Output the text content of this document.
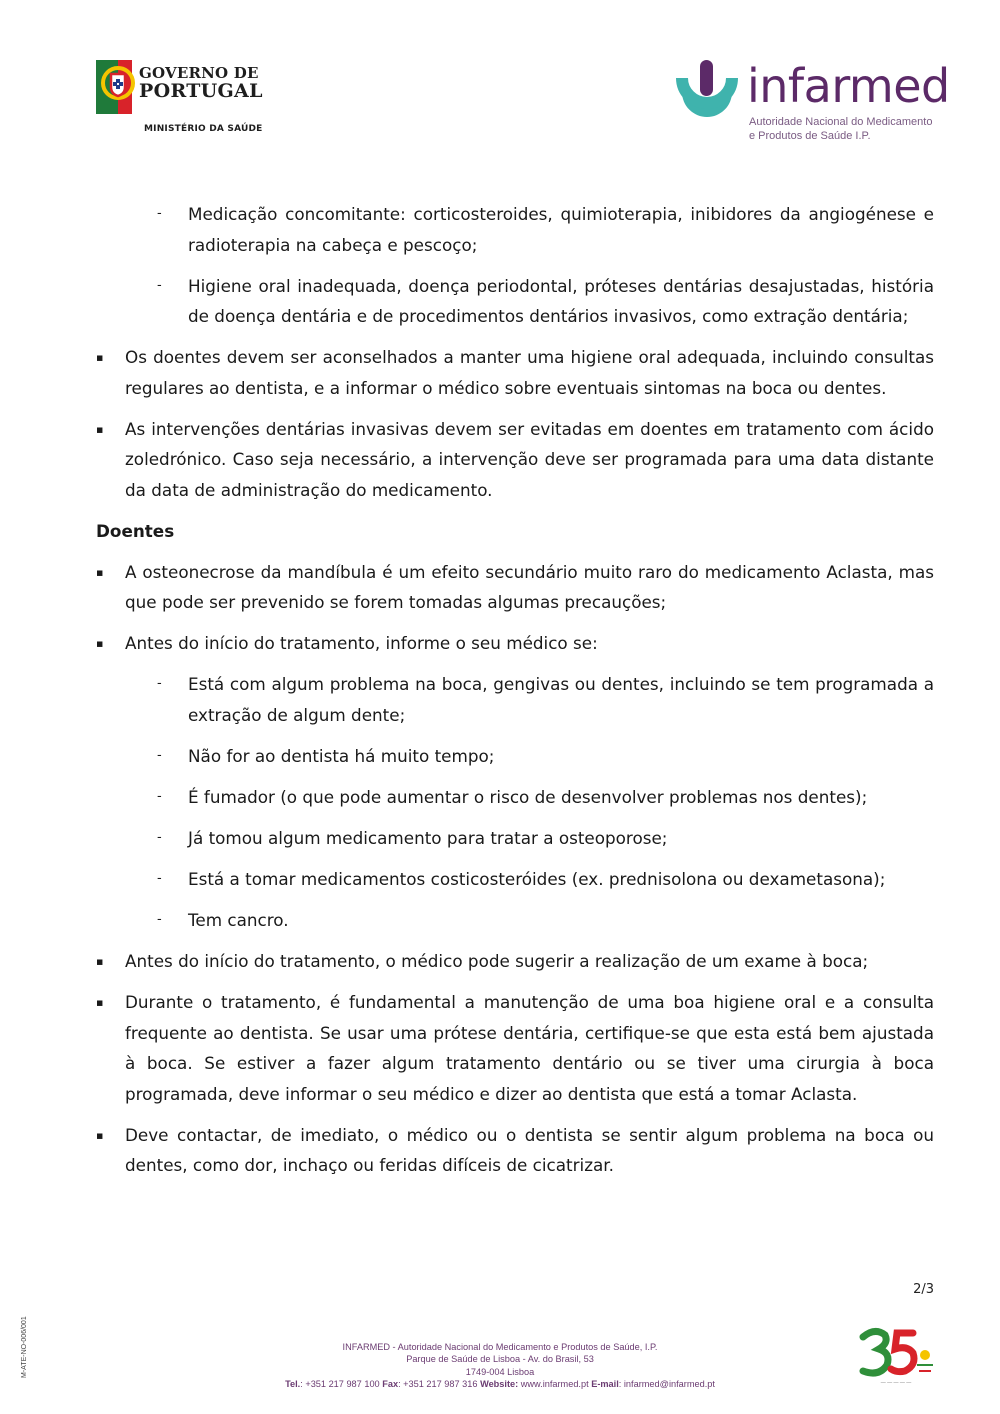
GOVERNO DE
PORTUGAL
MINISTÉRIO DA SAÚDE
infarmed
Autoridade Nacional do Medicamento
e Produtos de Saúde I.P.
- Medicação concomitante: corticosteroides, quimioterapia, inibidores da angiogénese e radioterapia na cabeça e pescoço;
- Higiene oral inadequada, doença periodontal, próteses dentárias desajustadas, história de doença dentária e de procedimentos dentários invasivos, como extração dentária;
▪ Os doentes devem ser aconselhados a manter uma higiene oral adequada, incluindo consultas regulares ao dentista, e a informar o médico sobre eventuais sintomas na boca ou dentes.
▪ As intervenções dentárias invasivas devem ser evitadas em doentes em tratamento com ácido zoledrónico. Caso seja necessário, a intervenção deve ser programada para uma data distante da data de administração do medicamento.
Doentes
▪ A osteonecrose da mandíbula é um efeito secundário muito raro do medicamento Aclasta, mas que pode ser prevenido se forem tomadas algumas precauções;
▪ Antes do início do tratamento, informe o seu médico se:
- Está com algum problema na boca, gengivas ou dentes, incluindo se tem programada a extração de algum dente;
- Não for ao dentista há muito tempo;
- É fumador (o que pode aumentar o risco de desenvolver problemas nos dentes);
- Já tomou algum medicamento para tratar a osteoporose;
- Está a tomar medicamentos costicosteróides (ex. prednisolona ou dexametasona);
- Tem cancro.
▪ Antes do início do tratamento, o médico pode sugerir a realização de um exame à boca;
▪ Durante o tratamento, é fundamental a manutenção de uma boa higiene oral e a consulta frequente ao dentista. Se usar uma prótese dentária, certifique-se que esta está bem ajustada à boca. Se estiver a fazer algum tratamento dentário ou se tiver uma cirurgia à boca programada, deve informar o seu médico e dizer ao dentista que está a tomar Aclasta.
▪ Deve contactar, de imediato, o médico ou o dentista se sentir algum problema na boca ou dentes, como dor, inchaço ou feridas difíceis de cicatrizar.
2/3
M-ATE-NO-006/001	INFARMED - Autoridade Nacional do Medicamento e Produtos de Saúde, I.P.
Parque de Saúde de Lisboa - Av. do Brasil, 53
1749-004 Lisboa
Tel.: +351 217 987 100 Fax: +351 217 987 316 Website: www.infarmed.pt E-mail: infarmed@infarmed.pt	— — — — —
